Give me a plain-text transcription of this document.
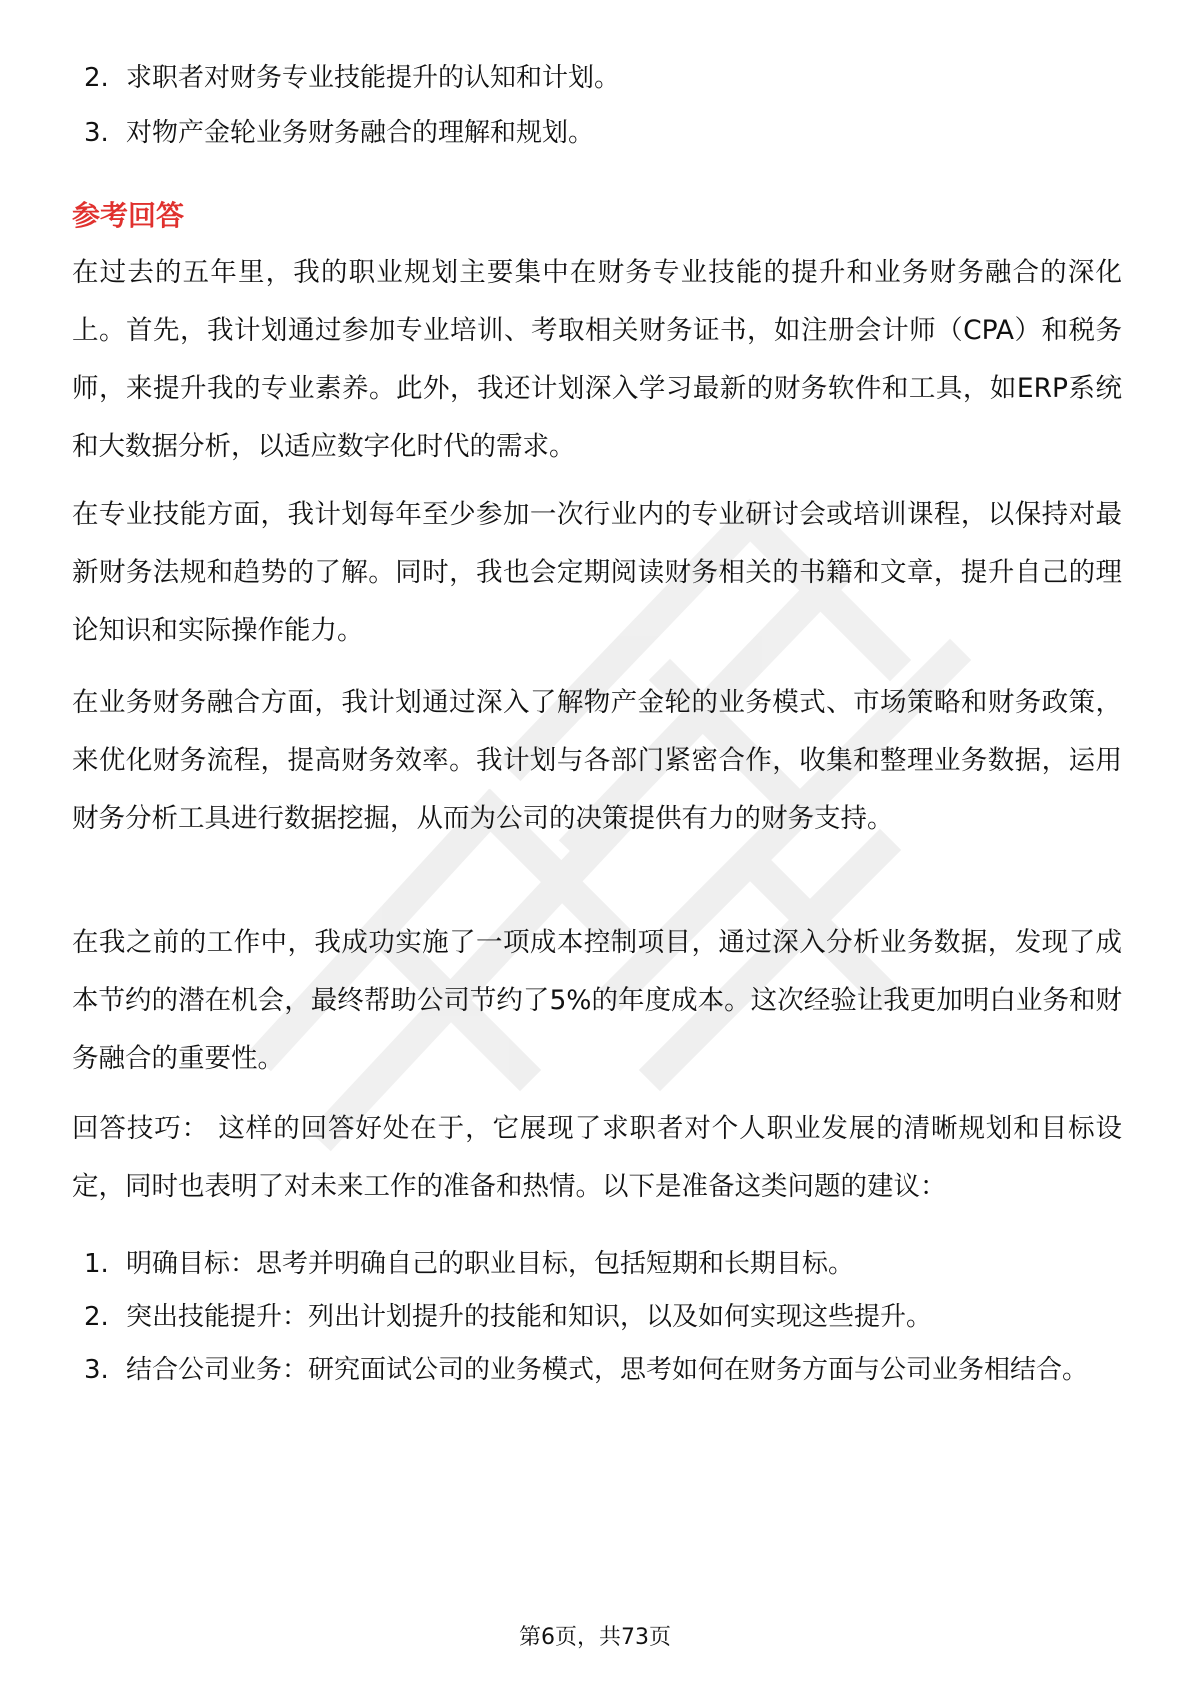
2. 求职者对财务专业技能提升的认知和计划。
3. 对物产金轮业务财务融合的理解和规划。
参考回答

在过去的五年里，我的职业规划主要集中在财务专业技能的提升和业务财务融合的深化上。首先，我计划通过参加专业培训、考取相关财务证书，如注册会计师（CPA）和税务师，来提升我的专业素养。此外，我还计划深入学习最新的财务软件和工具，如ERP系统和大数据分析，以适应数字化时代的需求。

在专业技能方面，我计划每年至少参加一次行业内的专业研讨会或培训课程，以保持对最新财务法规和趋势的了解。同时，我也会定期阅读财务相关的书籍和文章，提升自己的理论知识和实际操作能力。

在业务财务融合方面，我计划通过深入了解物产金轮的业务模式、市场策略和财务政策，来优化财务流程，提高财务效率。我计划与各部门紧密合作，收集和整理业务数据，运用财务分析工具进行数据挖掘，从而为公司的决策提供有力的财务支持。

在我之前的工作中，我成功实施了一项成本控制项目，通过深入分析业务数据，发现了成本节约的潜在机会，最终帮助公司节约了5%的年度成本。这次经验让我更加明白业务和财务融合的重要性。

回答技巧： 这样的回答好处在于，它展现了求职者对个人职业发展的清晰规划和目标设定，同时也表明了对未来工作的准备和热情。以下是准备这类问题的建议：

1. 明确目标：思考并明确自己的职业目标，包括短期和长期目标。
2. 突出技能提升：列出计划提升的技能和知识，以及如何实现这些提升。
3. 结合公司业务：研究面试公司的业务模式，思考如何在财务方面与公司业务相结合。
第6页，共73页
